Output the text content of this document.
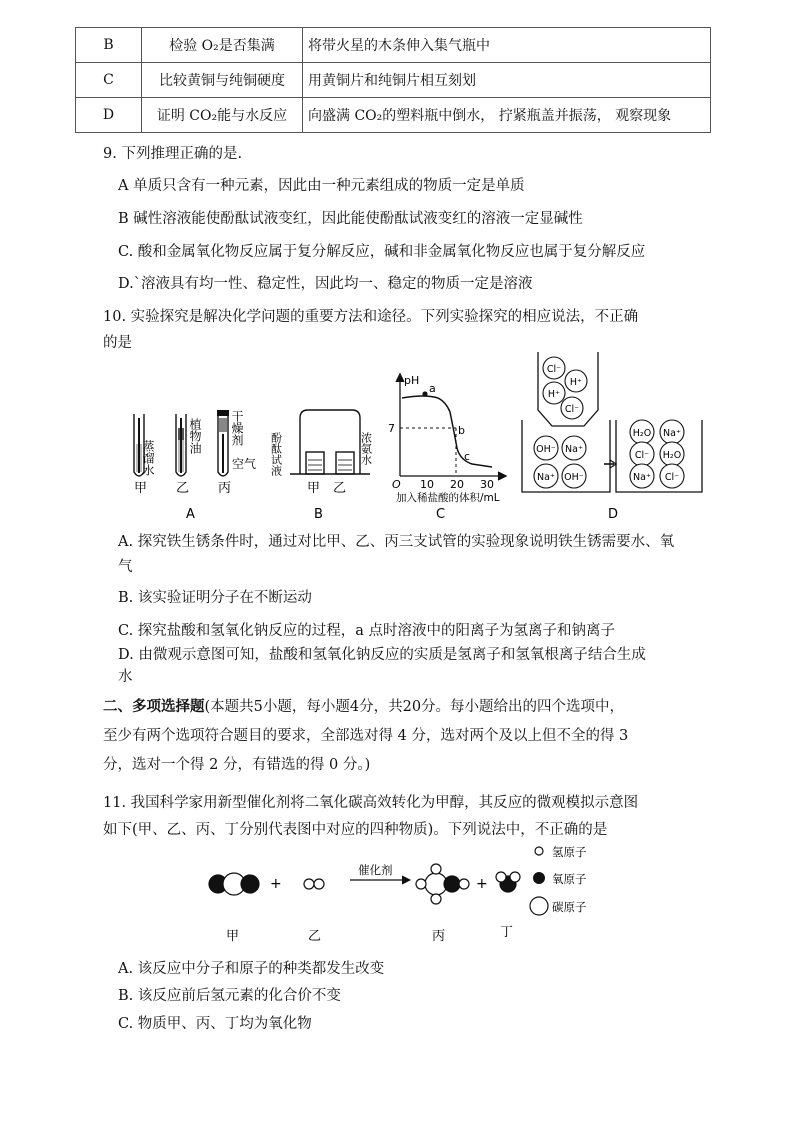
B	检验 O₂是否集满	将带火星的木条伸入集气瓶中
C	比较黄铜与纯铜硬度	用黄铜片和纯铜片相互刻划
D	证明 CO₂能与水反应	向盛满 CO₂的塑料瓶中倒水， 拧紧瓶盖并振荡， 观察现象
9. 下列推理正确的是.
A 单质只含有一种元素，因此由一种元素组成的物质一定是单质
B 碱性溶液能使酚酞试液变红，因此能使酚酞试液变红的溶液一定显碱性
C. 酸和金属氧化物反应属于复分解反应，碱和非金属氧化物反应也属于复分解反应
D.`溶液具有均一性、稳定性，因此均一、稳定的物质一定是溶液
10. 实验探究是解决化学问题的重要方法和途径。下列实验探究的相应说法，不正确
的是
蒸馏水
植物油 干燥剂
空气
甲 乙 丙
A
酚酞试液	浓氨水
甲 乙
B
pH
7
O 10 20 30
a
b
c
加入稀盐酸的体积/mL
C
Cl⁻
H⁺
H⁺
Cl⁻
OH⁻ Na⁺
Na⁺ OH⁻
H₂O Na⁺
Cl⁻ H₂O
Na⁺ Cl⁻
D
A. 探究铁生锈条件时，通过对比甲、乙、丙三支试管的实验现象说明铁生锈需要水、氧
气
B. 该实验证明分子在不断运动
C. 探究盐酸和氢氧化钠反应的过程，a 点时溶液中的阳离子为氢离子和钠离子
D. 由微观示意图可知，盐酸和氢氧化钠反应的实质是氢离子和氢氧根离子结合生成
水
二、多项选择题(本题共5小题，每小题4分，共20分。每小题给出的四个选项中，
至少有两个选项符合题目的要求，全部选对得 4 分，选对两个及以上但不全的得 3
分，选对一个得 2 分，有错选的得 0 分。)
11. 我国科学家用新型催化剂将二氧化碳高效转化为甲醇，其反应的微观模拟示意图
如下(甲、乙、丙、丁分别代表图中对应的四种物质)。下列说法中，不正确的是
+
催化剂
+
氢原子
氧原子
碳原子
甲	乙	丙	丁
A. 该反应中分子和原子的种类都发生改变
B. 该反应前后氢元素的化合价不变
C. 物质甲、丙、丁均为氧化物
